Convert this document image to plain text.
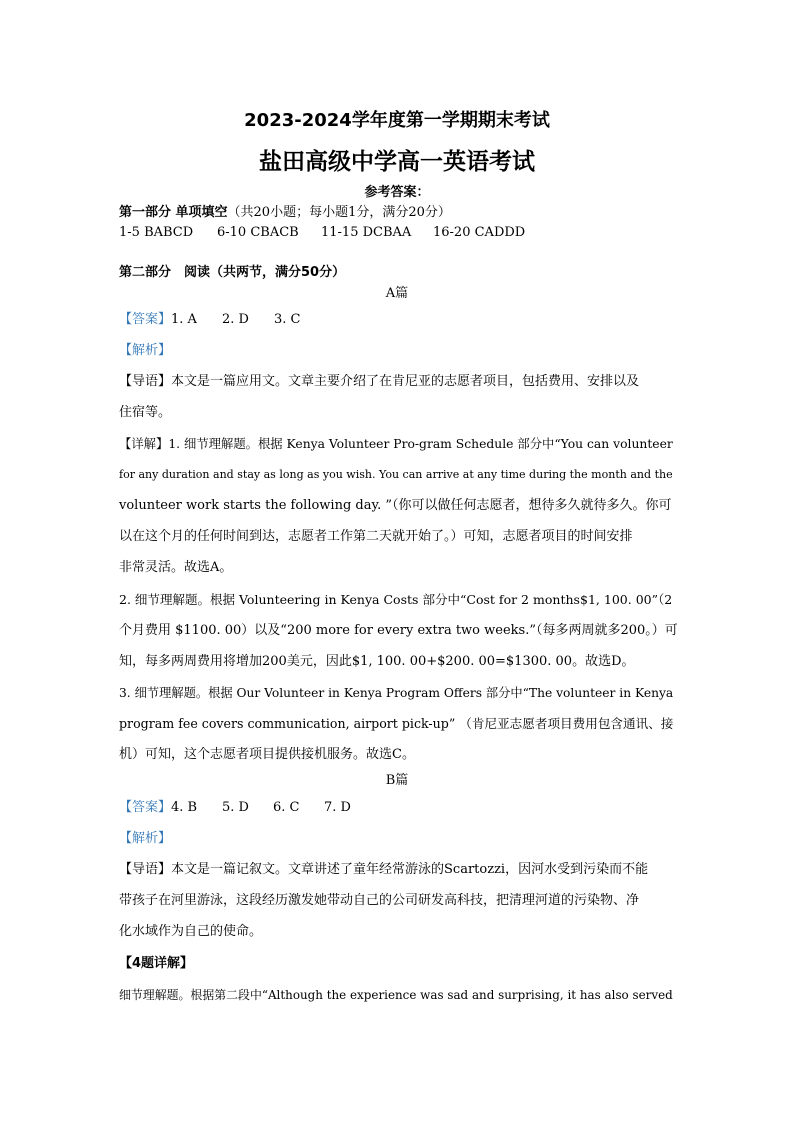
2023-2024学年度第一学期期末考试
盐田高级中学高一英语考试
参考答案：
第一部分 单项填空（共20小题；每小题1分，满分20分）
1-5 BABCD 6-10 CBACB 11-15 DCBAA 16-20 CADDD
第二部分　阅读（共两节，满分50分）
A篇
【答案】1. A 2. D 3. C
【解析】
【导语】本文是一篇应用文。文章主要介绍了在肯尼亚的志愿者项目，包括费用、安排以及
住宿等。
【详解】1. 细节理解题。根据 Kenya Volunteer Pro-gram Schedule 部分中“You can volunteer
for any duration and stay as long as you wish. You can arrive at any time during the month and the
volunteer work starts the following day. ”（你可以做任何志愿者，想待多久就待多久。你可
以在这个月的任何时间到达，志愿者工作第二天就开始了。）可知，志愿者项目的时间安排
非常灵活。故选A。
2. 细节理解题。根据 Volunteering in Kenya Costs 部分中“Cost for 2 months$1, 100. 00”（2
个月费用 $1100. 00）以及“200 more for every extra two weeks.”（每多两周就多200。）可
知，每多两周费用将增加200美元，因此$1, 100. 00+$200. 00=$1300. 00。故选D。
3. 细节理解题。根据 Our Volunteer in Kenya Program Offers 部分中“The volunteer in Kenya
program fee covers communication, airport pick-up” （肯尼亚志愿者项目费用包含通讯、接
机）可知，这个志愿者项目提供接机服务。故选C。
B篇
【答案】4. B 5. D 6. C 7. D
【解析】
【导语】本文是一篇记叙文。文章讲述了童年经常游泳的Scartozzi，因河水受到污染而不能
带孩子在河里游泳，这段经历激发她带动自己的公司研发高科技，把清理河道的污染物、净
化水域作为自己的使命。
【4题详解】
细节理解题。根据第二段中“Although the experience was sad and surprising, it has also served
